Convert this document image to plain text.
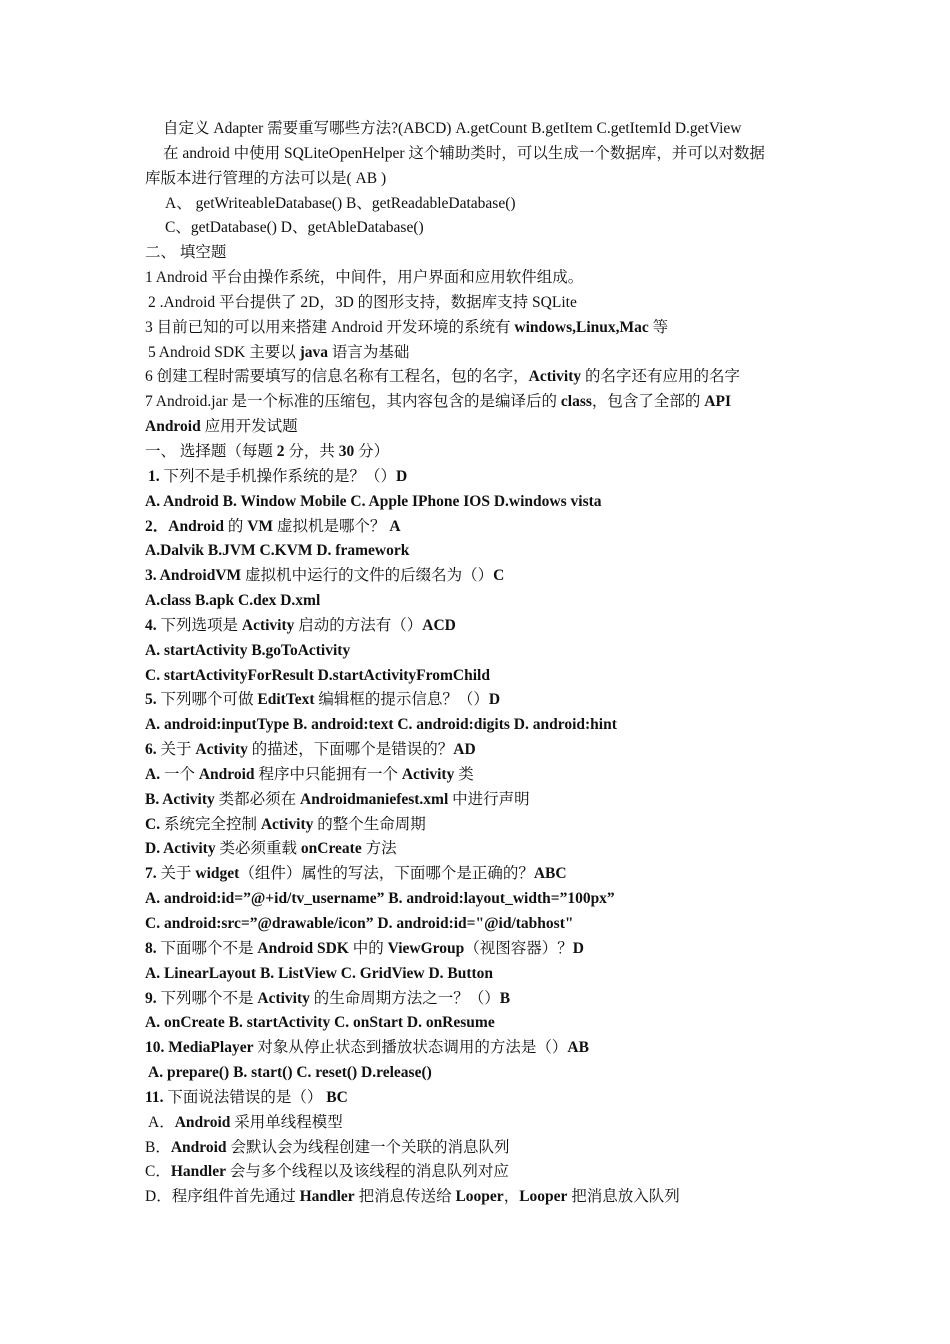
自定义 Adapter 需要重写哪些方法?(ABCD) A.getCount B.getItem C.getItemId D.getView
在 android 中使用 SQLiteOpenHelper 这个辅助类时，可以生成一个数据库，并可以对数据
库版本进行管理的方法可以是( AB )
A、 getWriteableDatabase() B、getReadableDatabase()
C、getDatabase() D、getAbleDatabase()
二、 填空题
1 Android 平台由操作系统，中间件，用户界面和应用软件组成。
2 .Android 平台提供了 2D，3D 的图形支持，数据库支持 SQLite
3 目前已知的可以用来搭建 Android 开发环境的系统有 windows,Linux,Mac 等
5 Android SDK 主要以 java 语言为基础
6 创建工程时需要填写的信息名称有工程名，包的名字，Activity 的名字还有应用的名字
7 Android.jar 是一个标准的压缩包，其内容包含的是编译后的 class，包含了全部的 API
Android 应用开发试题
一、 选择题（每题 2 分，共 30 分）
1. 下列不是手机操作系统的是？（）D
A. Android B. Window Mobile C. Apple IPhone IOS D.windows vista
2．Android 的 VM 虚拟机是哪个？ A
A.Dalvik B.JVM C.KVM D. framework
3. AndroidVM 虚拟机中运行的文件的后缀名为（）C
A.class B.apk C.dex D.xml
4. 下列选项是 Activity 启动的方法有（）ACD
A. startActivity B.goToActivity
C. startActivityForResult D.startActivityFromChild
5. 下列哪个可做 EditText 编辑框的提示信息？（）D
A. android:inputType B. android:text C. android:digits D. android:hint
6. 关于 Activity 的描述，下面哪个是错误的？AD
A. 一个 Android 程序中只能拥有一个 Activity 类
B. Activity 类都必须在 Androidmaniefest.xml 中进行声明
C. 系统完全控制 Activity 的整个生命周期
D. Activity 类必须重载 onCreate 方法
7. 关于 widget（组件）属性的写法，下面哪个是正确的？ABC
A. android:id=”@+id/tv_username” B. android:layout_width=”100px”
C. android:src=”@drawable/icon” D. android:id="@id/tabhost"
8. 下面哪个不是 Android SDK 中的 ViewGroup（视图容器）？D
A. LinearLayout B. ListView C. GridView D. Button
9. 下列哪个不是 Activity 的生命周期方法之一？（）B
A. onCreate B. startActivity C. onStart D. onResume
10. MediaPlayer 对象从停止状态到播放状态调用的方法是（）AB
A. prepare() B. start() C. reset() D.release()
11. 下面说法错误的是（） BC
A．Android 采用单线程模型
B．Android 会默认会为线程创建一个关联的消息队列
C．Handler 会与多个线程以及该线程的消息队列对应
D．程序组件首先通过 Handler 把消息传送给 Looper，Looper 把消息放入队列
